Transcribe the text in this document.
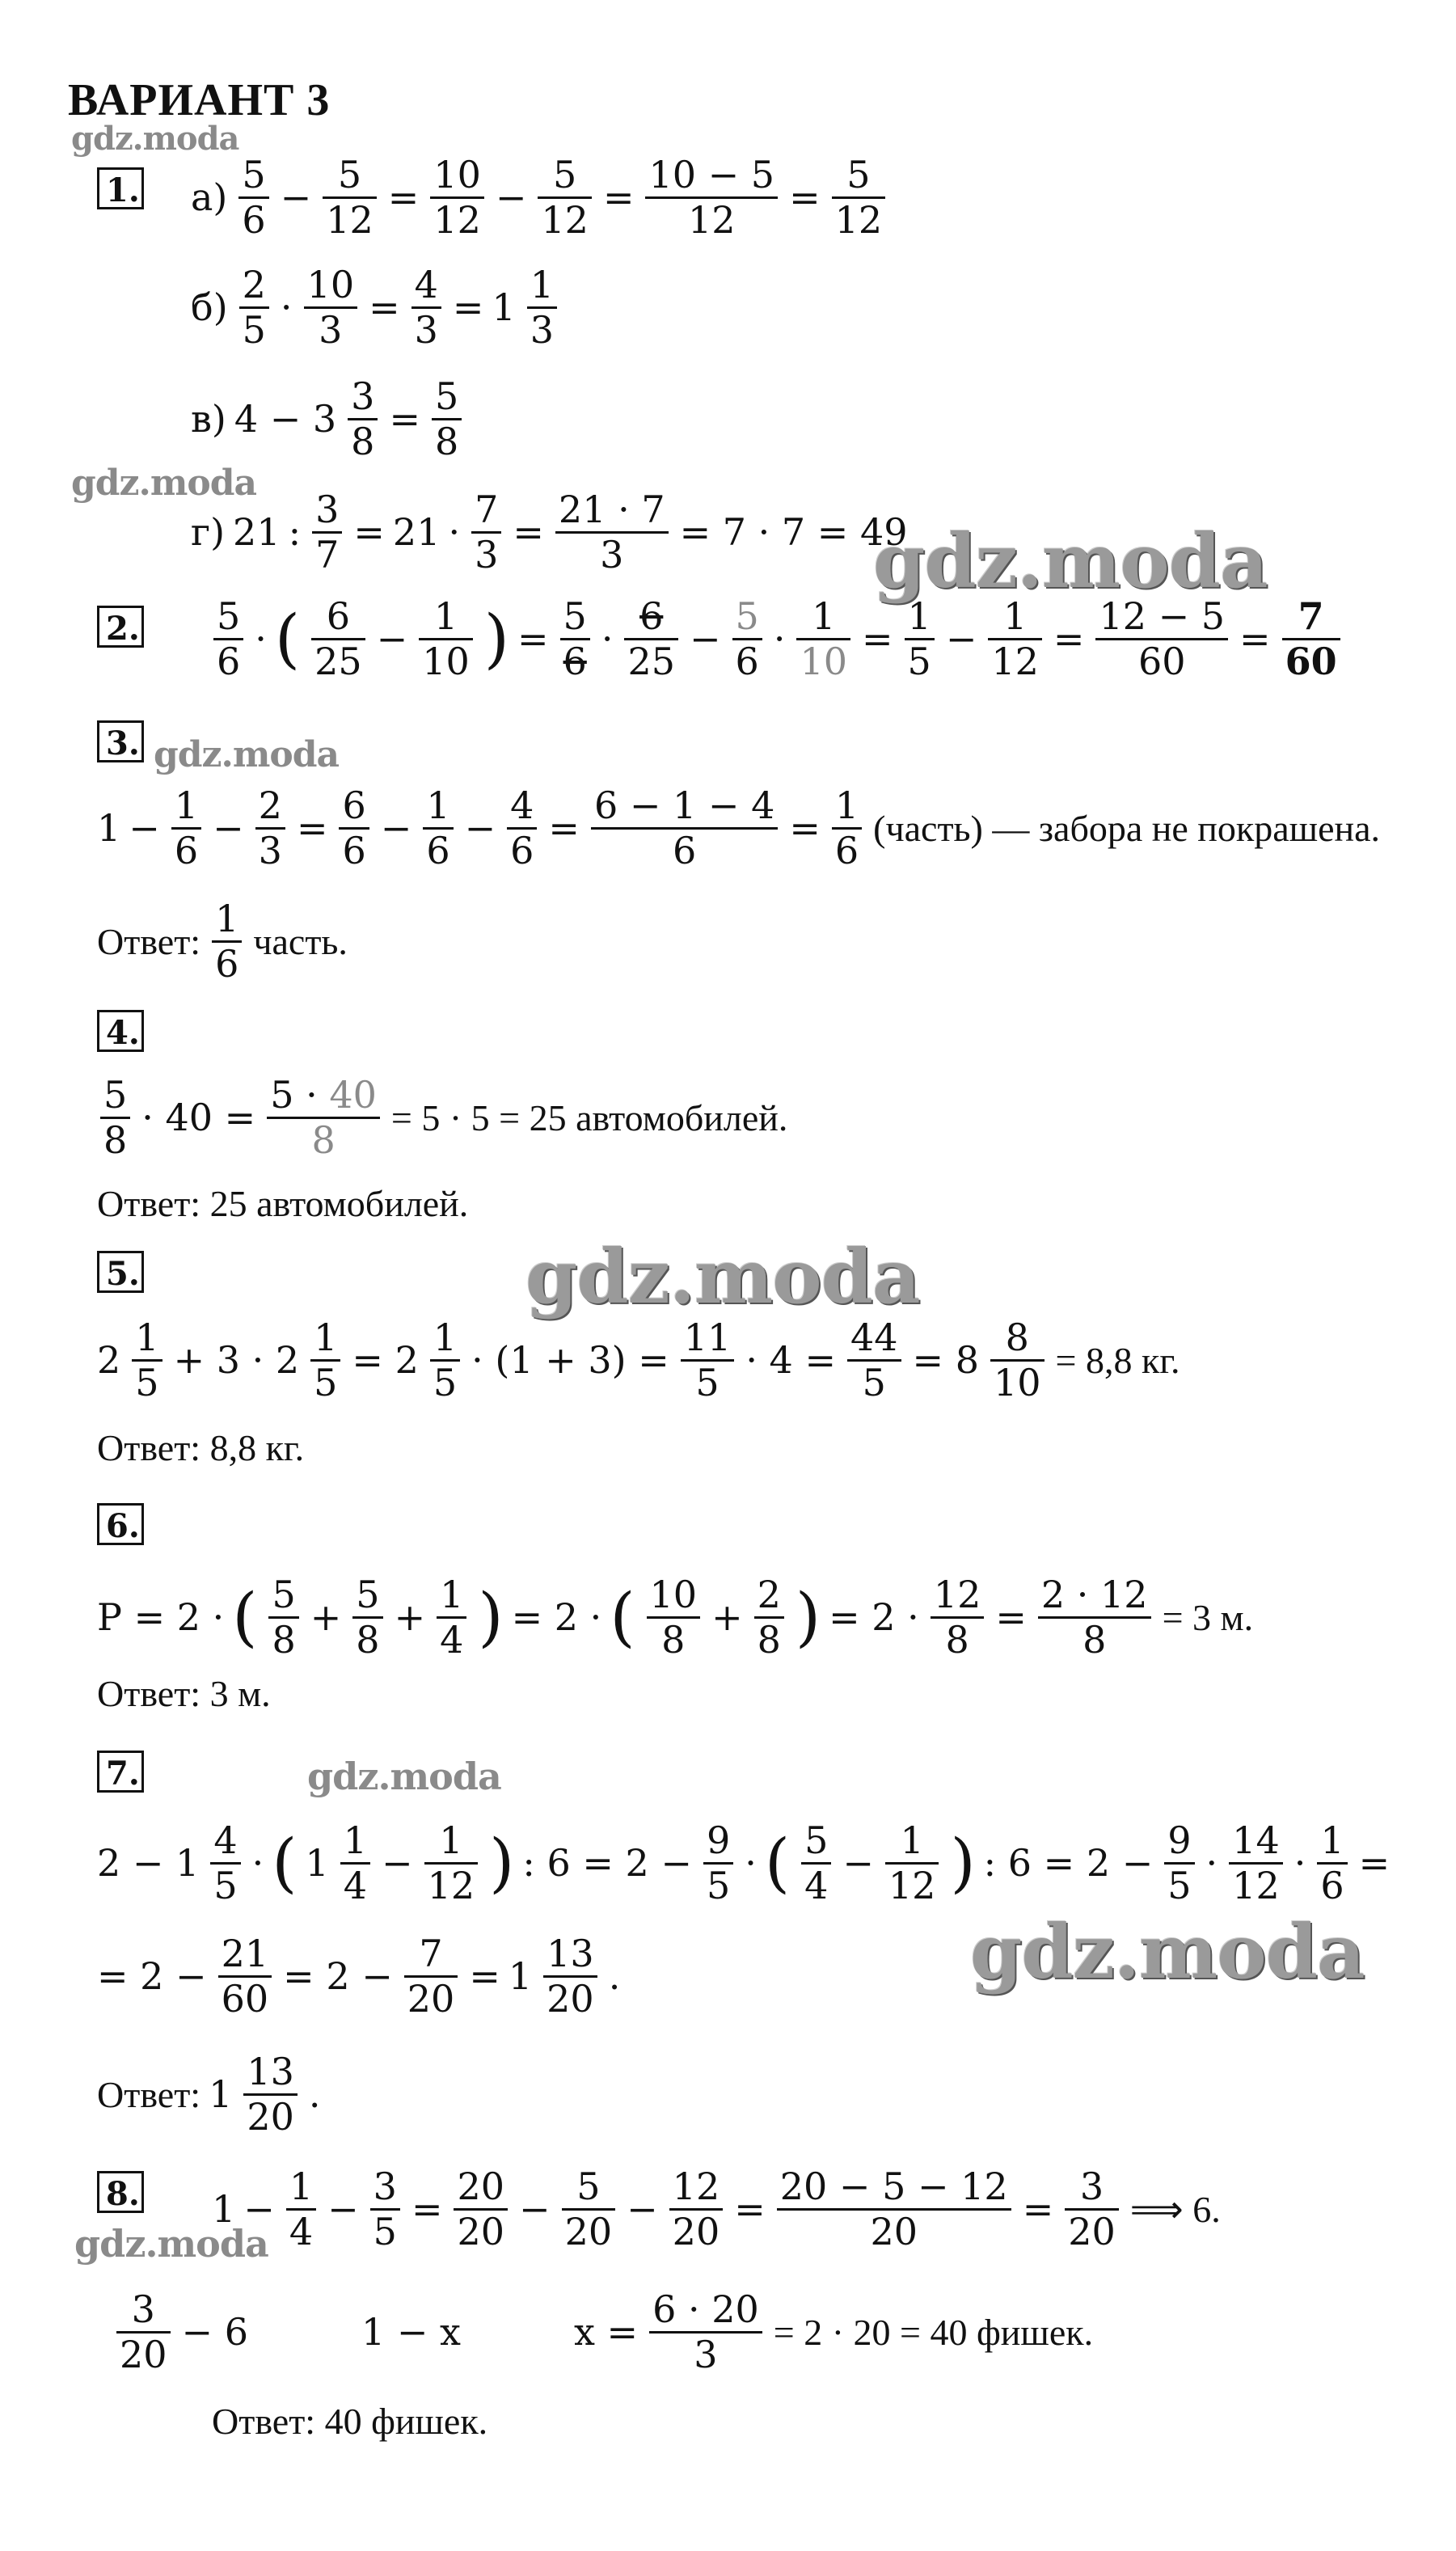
ВАРИАНТ 3
gdz.moda
gdz.moda
gdz.moda
gdz.moda
gdz.moda
gdz.moda
gdz.moda
gdz.moda
1. $а) \frac{5}{6} - \frac{5}{12} = \frac{10}{12} - \frac{5}{12} = \frac{10 - 5}{12} = \frac{5}{12}$
$б) \frac{2}{5} \cdot \frac{10}{3} = \frac{4}{3} = 1 \frac{1}{3}$
в) $4 - 3 \frac{3}{8} = \frac{5}{8}$
г) 21 : $\frac{3}{7} = 21 \cdot \frac{7}{3} = \frac{21 \cdot 7}{3} = 7 \cdot 7 = 49$
2. $\frac{5}{6}$ · ( $\frac{6}{25} - \frac{1}{10}$ ) = $\frac{5}{6} \cdot \frac{6}{25} - \frac{5}{6} \cdot \frac{1}{10} = \frac{1}{5} - \frac{1}{12} = \frac{12 - 5}{60} = \frac{7}{60}$
3.
$1 - \frac{1}{6} - \frac{2}{3} = \frac{6}{6} - \frac{1}{6} - \frac{4}{6} = \frac{6 - 1 - 4}{6} = \frac{1}{6}$ (часть) — забора не покрашена.
Ответ: $\frac{1}{6}$ часть.
4.
$\frac{5}{8} \cdot 40 = \frac{5 \cdot 40}{8} = 5 \cdot 5 = 25$ автомобилей.
Ответ: 25 автомобилей.
5.
$2 \frac{1}{5} + 3 \cdot 2 \frac{1}{5} = 2 \frac{1}{5} \cdot (1 + 3) = \frac{11}{5} \cdot 4 = \frac{44}{5} = 8 \frac{8}{10} = 8,8$ кг.
Ответ: 8,8 кг.
6.
P = 2 · ( $\frac{5}{8} + \frac{5}{8} + \frac{1}{4}$ ) = 2 · ( $\frac{10}{8} + \frac{2}{8}$ ) = $2 \cdot \frac{12}{8} = \frac{2 \cdot 12}{8} = 3$ м.
Ответ: 3 м.
7.
$2 - 1 \frac{4}{5}$ · ( $1 \frac{1}{4} - \frac{1}{12}$ ) : $6 = 2 - \frac{9}{5}$ · ( $\frac{5}{4} - \frac{1}{12}$ ) : $6 = 2 - \frac{9}{5} \cdot \frac{14}{12} \cdot \frac{1}{6}$ =
= $2 - \frac{21}{60} = 2 - \frac{7}{20} = 1 \frac{13}{20}$ .
Ответ: $1 \frac{13}{20}$ .
8. $1 - \frac{1}{4} - \frac{3}{5} = \frac{20}{20} - \frac{5}{20} - \frac{12}{20} = \frac{20 - 5 - 12}{20} = \frac{3}{20}$ ⟹ 6.
$\frac{3}{20} - 6$	1 − x	$x = \frac{6 \cdot 20}{3} = 2 \cdot 20 = 40$ фишек.
Ответ: 40 фишек.
